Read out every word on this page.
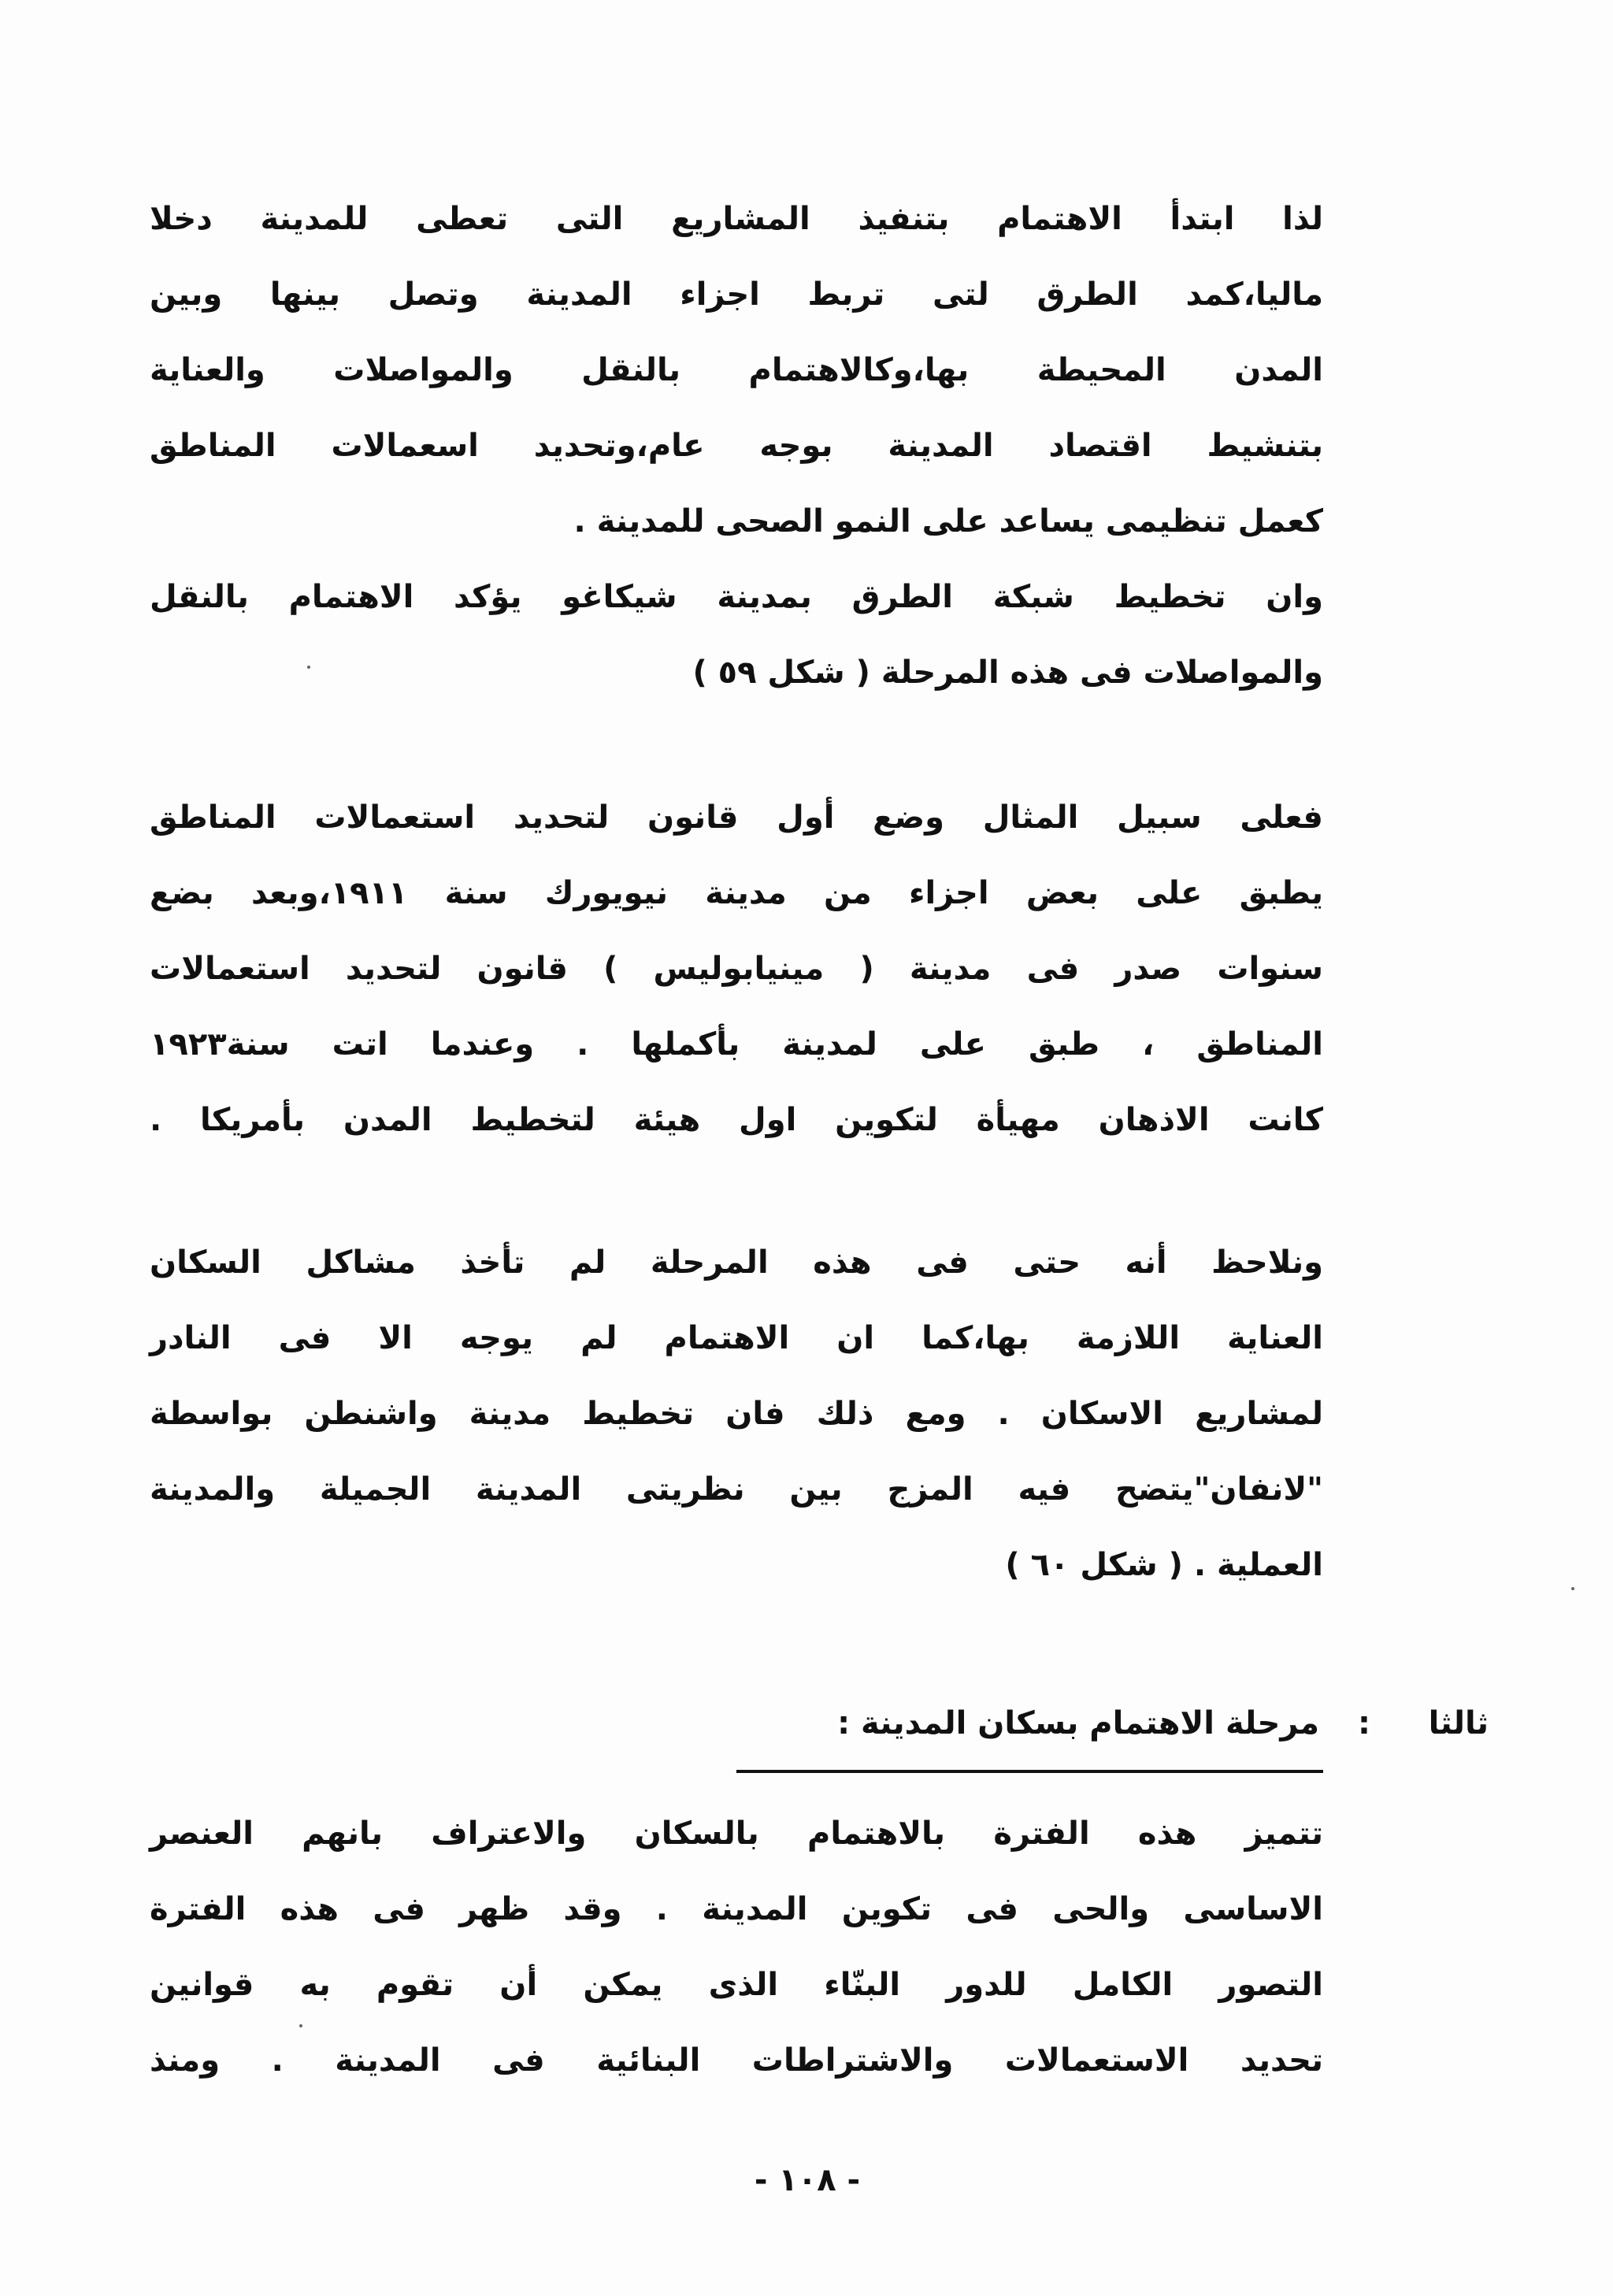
لذا ابتدأ الاهتمام بتنفيذ المشاريع التى تعطى للمدينة دخلا
ماليا،كمد الطرق لتى تربط اجزاء المدينة وتصل بينها وبين
المدن المحيطة بها،وكالاهتمام بالنقل والمواصلات والعناية
بتنشيط اقتصاد المدينة بوجه عام،وتحديد اسعمالات المناطق
كعمل تنظيمى يساعد على النمو الصحى للمدينة .
وان تخطيط شبكة الطرق بمدينة شيكاغو يؤكد الاهتمام بالنقل
والمواصلات فى هذه المرحلة ( شكل ٥٩ )
فعلى سبيل المثال وضع أول قانون لتحديد استعمالات المناطق
يطبق على بعض اجزاء من مدينة نيويورك سنة ١٩١١،وبعد بضع
سنوات صدر فى مدينة ( مينيابوليس ) قانون لتحديد استعمالات
المناطق ، طبق على لمدينة بأكملها . وعندما اتت سنة١٩٢٣
كانت الاذهان مهيأة لتكوين اول هيئة لتخطيط المدن بأمريكا .
ونلاحظ أنه حتى فى هذه المرحلة لم تأخذ مشاكل السكان
العناية اللازمة بها،كما ان الاهتمام لم يوجه الا فى النادر
لمشاريع الاسكان . ومع ذلك فان تخطيط مدينة واشنطن بواسطة
"لانفان"يتضح فيه المزج بين نظريتى المدينة الجميلة والمدينة
العملية . ( شكل ٦٠ )
ثالثا
:
مرحلة الاهتمام بسكان المدينة :
تتميز هذه الفترة بالاهتمام بالسكان والاعتراف بانهم العنصر
الاساسى والحى فى تكوين المدينة . وقد ظهر فى هذه الفترة
التصور الكامل للدور البنّاء الذى يمكن أن تقوم به قوانين
تحديد الاستعمالات والاشتراطات البنائية فى المدينة . ومنذ
- ١٠٨ -
